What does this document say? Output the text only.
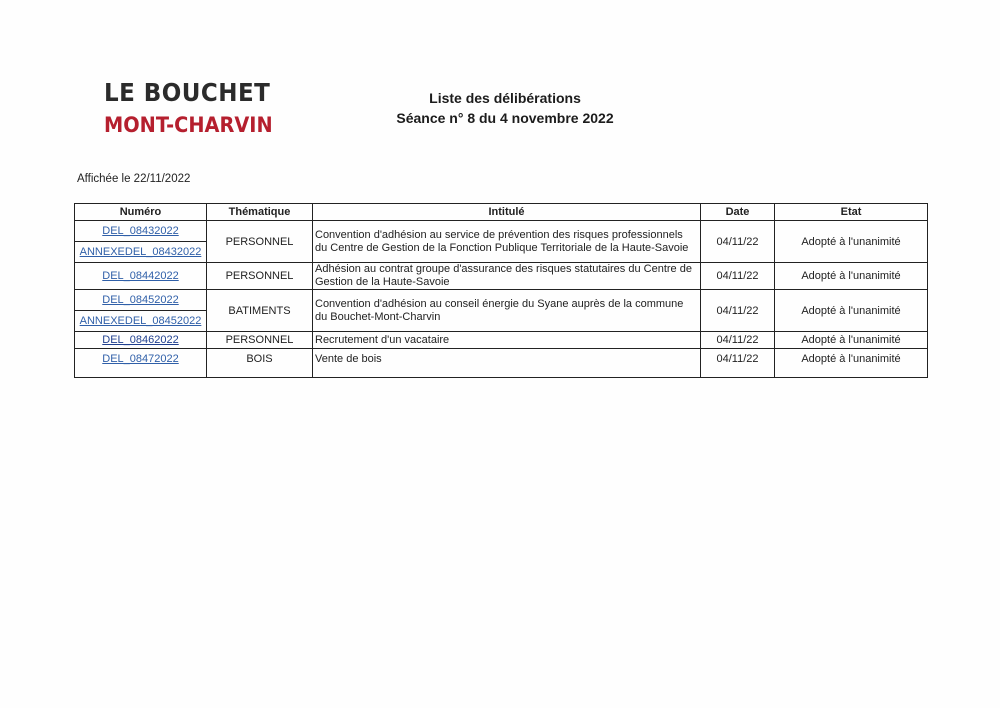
LE BOUCHET
MONT-CHARVIN
Liste des délibérations
Séance n° 8 du 4 novembre 2022
Affichée le 22/11/2022
Numéro	Thématique	Intitulé	Date	Etat
DEL_08432022	PERSONNEL	Convention d'adhésion au service de prévention des risques professionnels du Centre de Gestion de la Fonction Publique Territoriale de la Haute-Savoie	04/11/22	Adopté à l'unanimité
ANNEXEDEL_08432022				
DEL_08442022	PERSONNEL	Adhésion au contrat groupe d'assurance des risques statutaires du Centre de Gestion de la Haute-Savoie	04/11/22	Adopté à l'unanimité
DEL_08452022	BATIMENTS	Convention d'adhésion au conseil énergie du Syane auprès de la commune du Bouchet-Mont-Charvin	04/11/22	Adopté à l'unanimité
ANNEXEDEL_08452022				
DEL_08462022	PERSONNEL	Recrutement d'un vacataire	04/11/22	Adopté à l'unanimité
DEL_08472022	BOIS	Vente de bois	04/11/22	Adopté à l'unanimité
